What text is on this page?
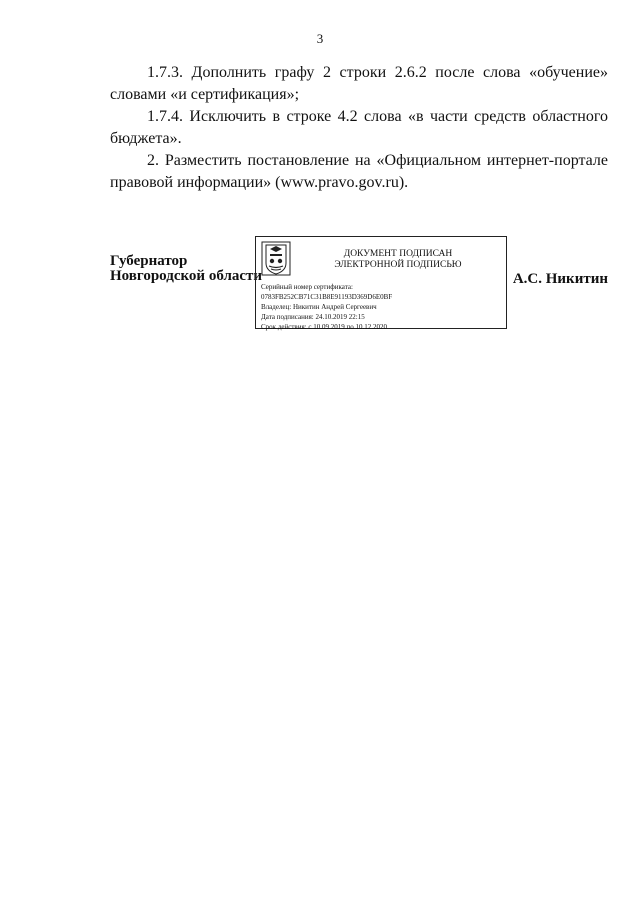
3

1.7.3. Дополнить графу 2 строки 2.6.2 после слова «обучение» словами «и сертификация»;

1.7.4. Исключить в строке 4.2 слова «в части средств областного бюджета».

2. Разместить постановление на «Официальном интернет-портале правовой информации» (www.pravo.gov.ru).

Губернатор
Новгородской области
ДОКУМЕНТ ПОДПИСАН
ЭЛЕКТРОННОЙ ПОДПИСЬЮ
Серийный номер сертификата:
0783FB252CB71C31B8E91193D369D6E0BF
Владелец: Никитин Андрей Сергеевич
Дата подписания: 24.10.2019 22:15
Срок действия: с 10.09.2019 по 10.12.2020
А.С. Никитин
